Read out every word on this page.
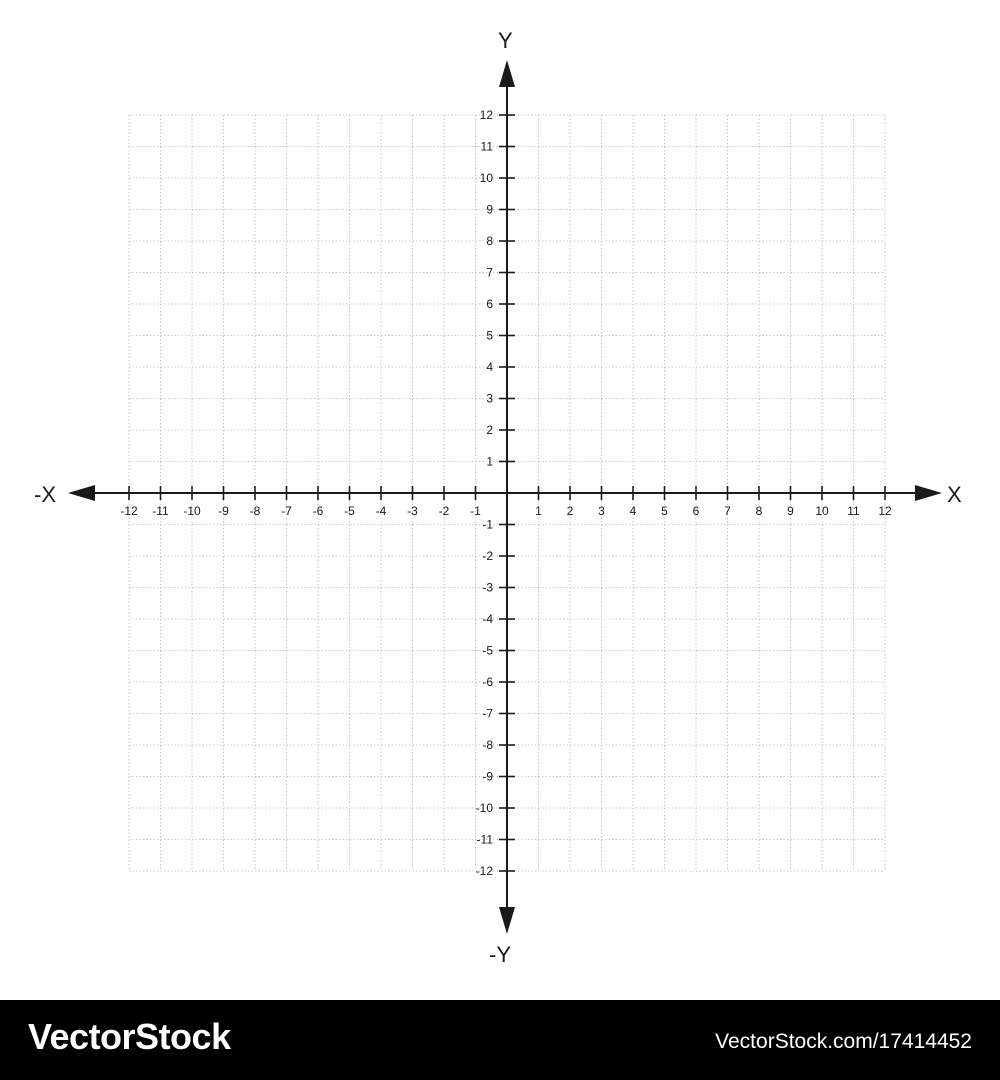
-12 -11 -10 -9 -8 -7 -6 -5 -4 -3 -2 -1	1 2 3 4 5 6 7 8 9 10 11 12
-12
-11
-10
-9
-8
-7
-6
-5
-4
-3
-2
-1
1
2
3
4
5
6
7
8
9
10
11
12
X
-X
Y
-Y
VectorStock	VectorStock.com/17414452
